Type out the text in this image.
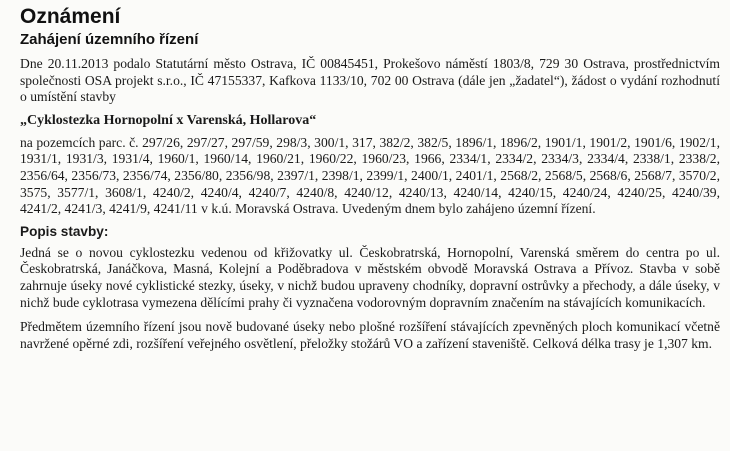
Oznámení
Zahájení územního řízení

Dne 20.11.2013 podalo Statutární město Ostrava, IČ 00845451, Prokešovo náměstí 1803/8, 729 30 Ostrava, prostřednictvím společnosti OSA projekt s.r.o., IČ 47155337, Kafkova 1133/10, 702 00 Ostrava (dále jen „žadatel“), žádost o vydání rozhodnutí o umístění stavby

„Cyklostezka Hornopolní x Varenská, Hollarova“

na pozemcích parc. č. 297/26, 297/27, 297/59, 298/3, 300/1, 317, 382/2, 382/5, 1896/1, 1896/2, 1901/1, 1901/2, 1901/6, 1902/1, 1931/1, 1931/3, 1931/4, 1960/1, 1960/14, 1960/21, 1960/22, 1960/23, 1966, 2334/1, 2334/2, 2334/3, 2334/4, 2338/1, 2338/2, 2356/64, 2356/73, 2356/74, 2356/80, 2356/98, 2397/1, 2398/1, 2399/1, 2400/1, 2401/1, 2568/2, 2568/5, 2568/6, 2568/7, 3570/2, 3575, 3577/1, 3608/1, 4240/2, 4240/4, 4240/7, 4240/8, 4240/12, 4240/13, 4240/14, 4240/15, 4240/24, 4240/25, 4240/39, 4241/2, 4241/3, 4241/9, 4241/11 v k.ú. Moravská Ostrava. Uvedeným dnem bylo zahájeno územní řízení.

Popis stavby:

Jedná se o novou cyklostezku vedenou od křižovatky ul. Českobratrská, Hornopolní, Varenská směrem do centra po ul. Českobratrská, Janáčkova, Masná, Kolejní a Poděbradova v městském obvodě Moravská Ostrava a Přívoz. Stavba v sobě zahrnuje úseky nové cyklistické stezky, úseky, v nichž budou upraveny chodníky, dopravní ostrůvky a přechody, a dále úseky, v nichž bude cyklotrasa vymezena dělícími prahy či vyznačena vodorovným dopravním značením na stávajících komunikacích.

Předmětem územního řízení jsou nově budované úseky nebo plošné rozšíření stávajících zpevněných ploch komunikací včetně navržené opěrné zdi, rozšíření veřejného osvětlení, přeložky stožárů VO a zařízení staveniště. Celková délka trasy je 1,307 km.
